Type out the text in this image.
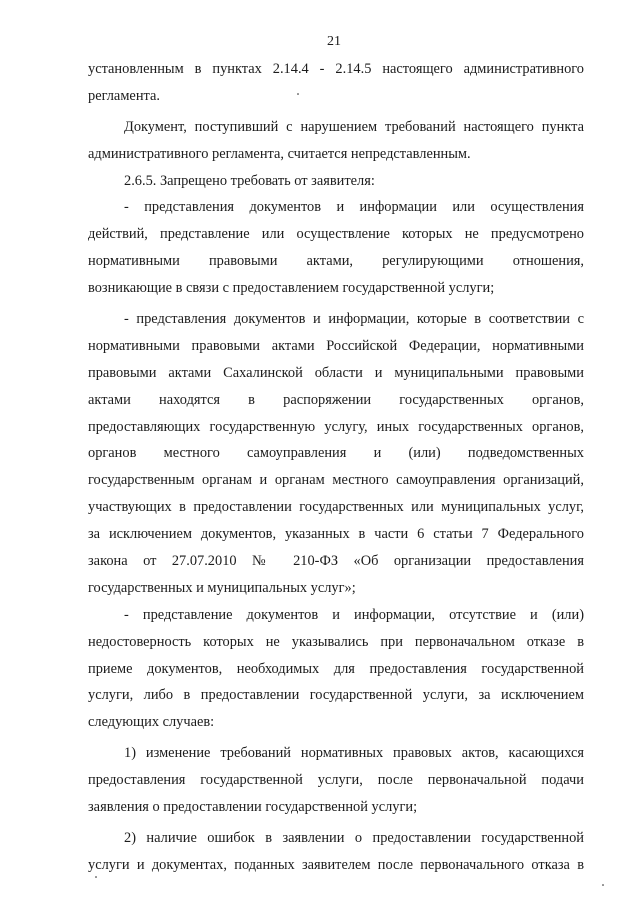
21
установленным в пунктах 2.14.4 - 2.14.5 настоящего административного
регламента.
Документ, поступивший с нарушением требований настоящего пункта
административного регламента, считается непредставленным.
2.6.5. Запрещено требовать от заявителя:
- представления документов и информации или осуществления
действий, представление или осуществление которых не предусмотрено
нормативными правовыми актами, регулирующими отношения,
возникающие в связи с предоставлением государственной услуги;
- представления документов и информации, которые в соответствии с
нормативными правовыми актами Российской Федерации, нормативными
правовыми актами Сахалинской области и муниципальными правовыми
актами находятся в распоряжении государственных органов,
предоставляющих государственную услугу, иных государственных органов,
органов местного самоуправления и (или) подведомственных
государственным органам и органам местного самоуправления организаций,
участвующих в предоставлении государственных или муниципальных услуг,
за исключением документов, указанных в части 6 статьи 7 Федерального
закона от 27.07.2010 № 210-ФЗ «Об организации предоставления
государственных и муниципальных услуг»;
- представление документов и информации, отсутствие и (или)
недостоверность которых не указывались при первоначальном отказе в
приеме документов, необходимых для предоставления государственной
услуги, либо в предоставлении государственной услуги, за исключением
следующих случаев:
1) изменение требований нормативных правовых актов, касающихся
предоставления государственной услуги, после первоначальной подачи
заявления о предоставлении государственной услуги;
2) наличие ошибок в заявлении о предоставлении государственной
услуги и документах, поданных заявителем после первоначального отказа в
